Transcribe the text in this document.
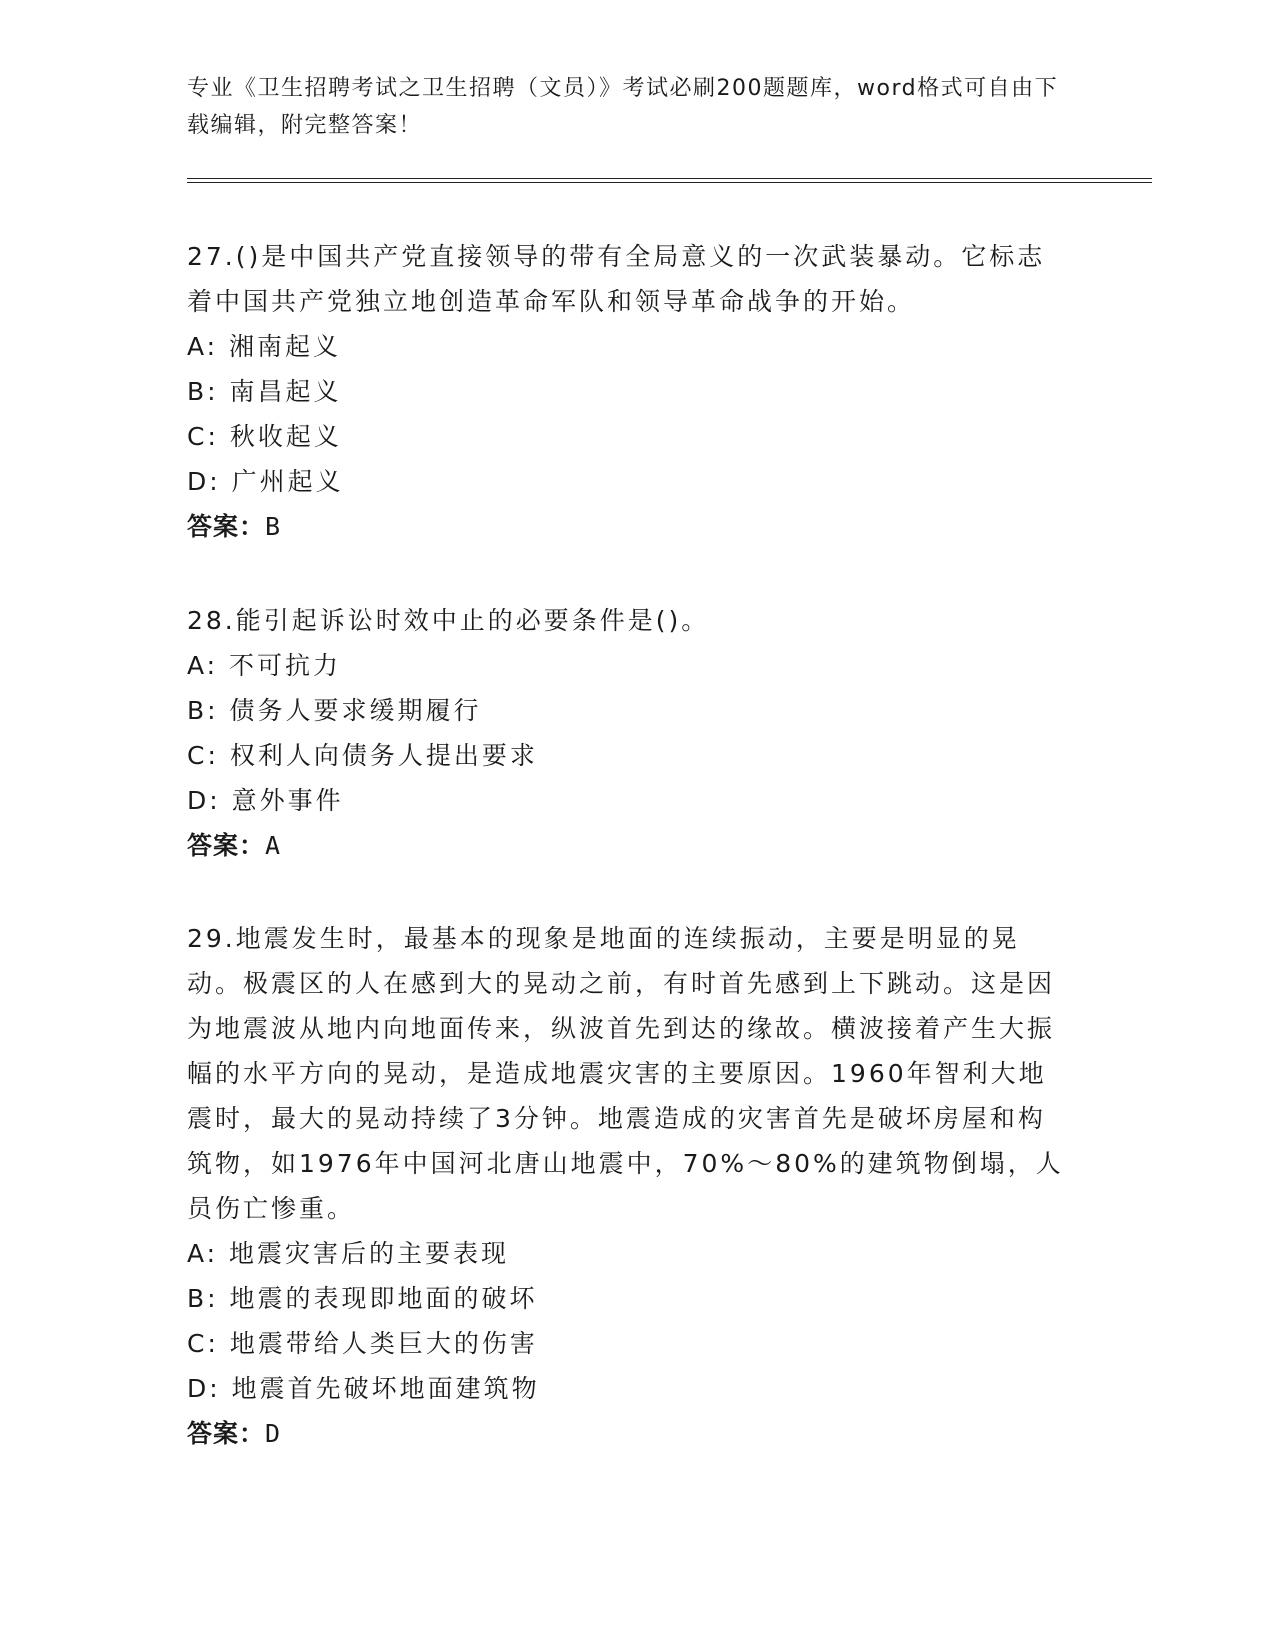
专业《卫生招聘考试之卫生招聘（文员）》考试必刷200题题库，word格式可自由下载编辑，附完整答案！

27.()是中国共产党直接领导的带有全局意义的一次武装暴动。它标志着中国共产党独立地创造革命军队和领导革命战争的开始。

A: 湘南起义
B: 南昌起义
C: 秋收起义
D: 广州起义
答案：B

28.能引起诉讼时效中止的必要条件是()。

A: 不可抗力
B: 债务人要求缓期履行
C: 权利人向债务人提出要求
D: 意外事件
答案：A

29.地震发生时，最基本的现象是地面的连续振动，主要是明显的晃动。极震区的人在感到大的晃动之前，有时首先感到上下跳动。这是因为地震波从地内向地面传来，纵波首先到达的缘故。横波接着产生大振幅的水平方向的晃动，是造成地震灾害的主要原因。1960年智利大地震时，最大的晃动持续了3分钟。地震造成的灾害首先是破坏房屋和构筑物，如1976年中国河北唐山地震中，70%～80%的建筑物倒塌，人员伤亡惨重。

A: 地震灾害后的主要表现
B: 地震的表现即地面的破坏
C: 地震带给人类巨大的伤害
D: 地震首先破坏地面建筑物
答案：D
